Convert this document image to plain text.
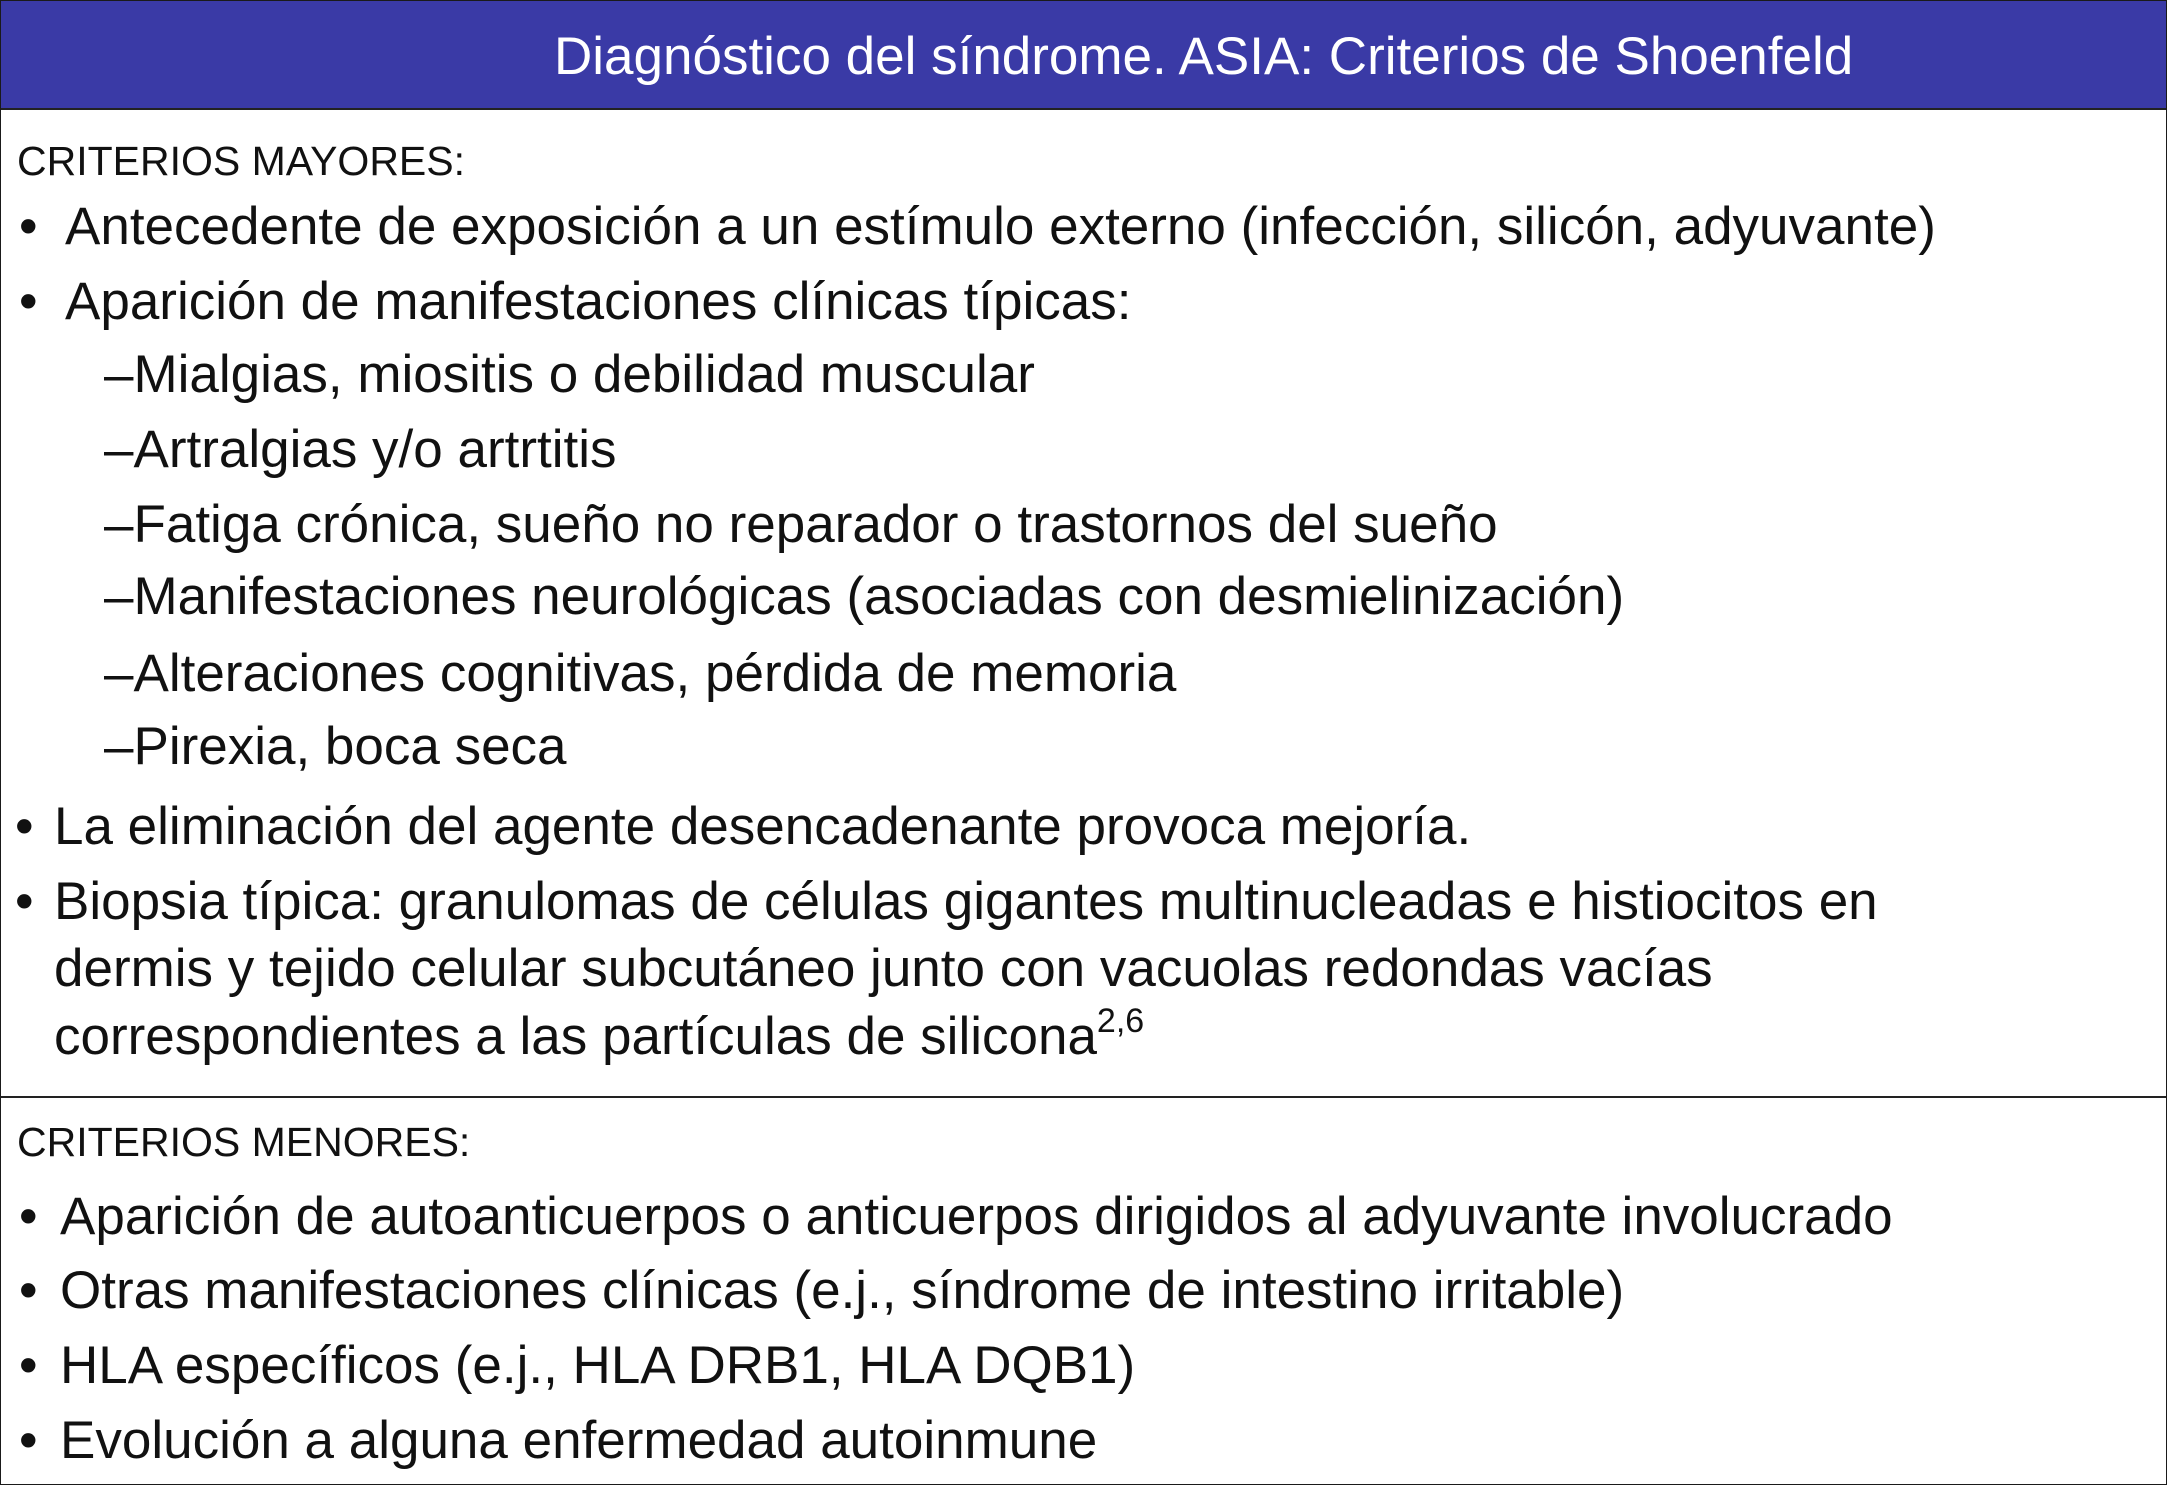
Diagnóstico del síndrome. ASIA: Criterios de Shoenfeld
CRITERIOS MAYORES:
• Antecedente de exposición a un estímulo externo (infección, silicón, adyuvante)
• Aparición de manifestaciones clínicas típicas:
–Mialgias, miositis o debilidad muscular
–Artralgias y/o artrtitis
–Fatiga crónica, sueño no reparador o trastornos del sueño
–Manifestaciones neurológicas (asociadas con desmielinización)
–Alteraciones cognitivas, pérdida de memoria
–Pirexia, boca seca
• La eliminación del agente desencadenante provoca mejoría.
• Biopsia típica: granulomas de células gigantes multinucleadas e histiocitos en
dermis y tejido celular subcutáneo junto con vacuolas redondas vacías
correspondientes a las partículas de silicona$^{2,6}$
CRITERIOS MENORES:
• Aparición de autoanticuerpos o anticuerpos dirigidos al adyuvante involucrado
• Otras manifestaciones clínicas (e.j., síndrome de intestino irritable)
• HLA específicos (e.j., HLA DRB1, HLA DQB1)
• Evolución a alguna enfermedad autoinmune
